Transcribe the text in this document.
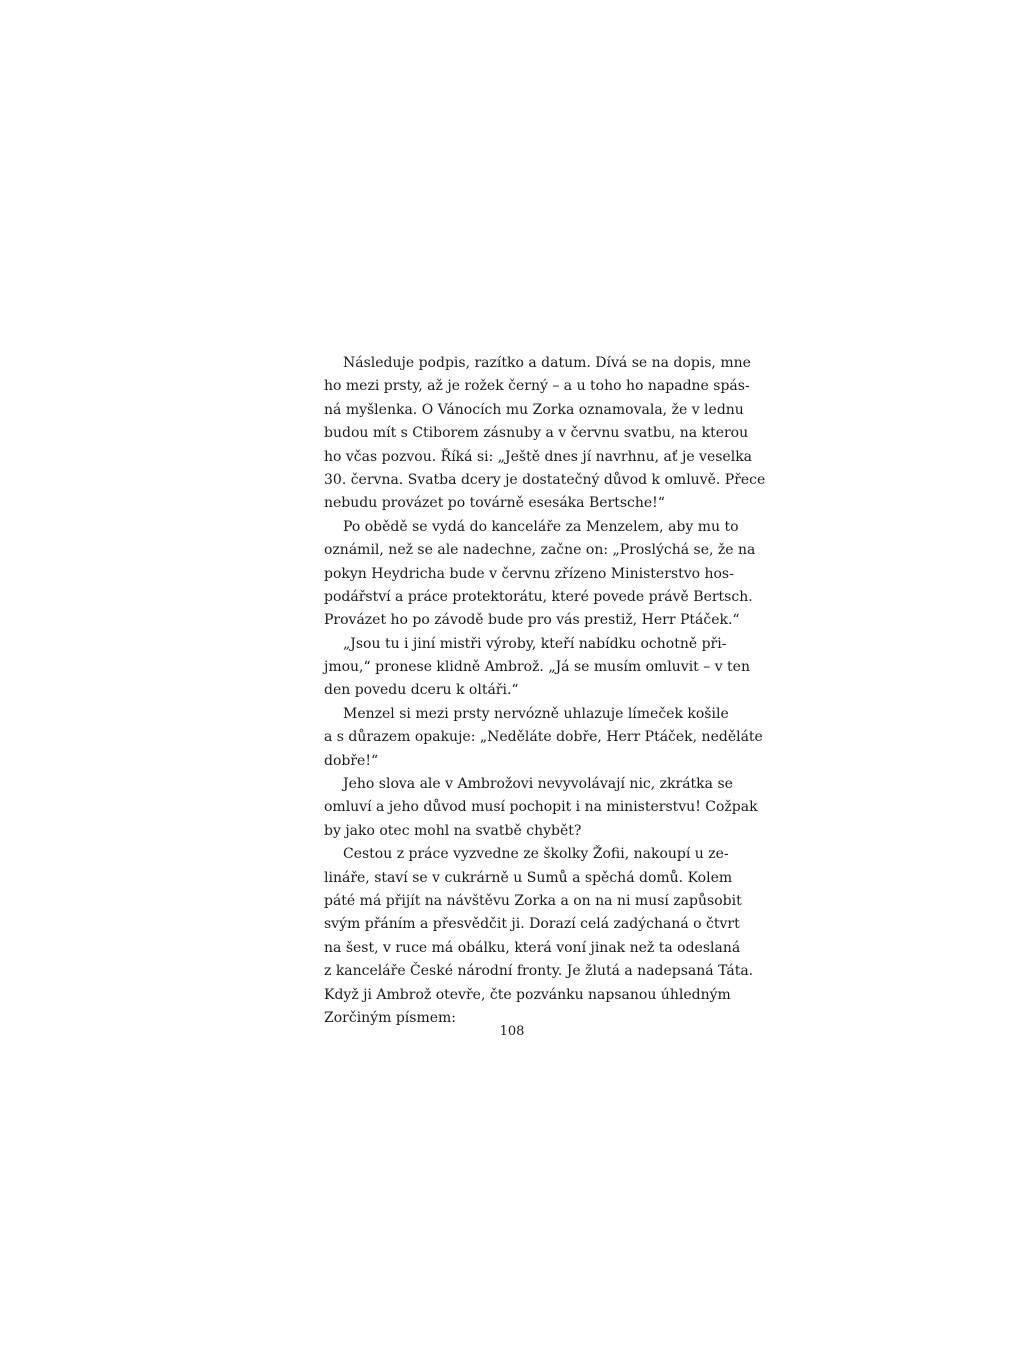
Následuje podpis, razítko a datum. Dívá se na dopis, mne
ho mezi prsty, až je rožek černý – a u toho ho napadne spás-
ná myšlenka. O Vánocích mu Zorka oznamovala, že v lednu
budou mít s Ctiborem zásnuby a v červnu svatbu, na kterou
ho včas pozvou. Říká si: „Ještě dnes jí navrhnu, ať je veselka
30. června. Svatba dcery je dostatečný důvod k omluvě. Přece
nebudu provázet po továrně esesáka Bertsche!“
Po obědě se vydá do kanceláře za Menzelem, aby mu to
oznámil, než se ale nadechne, začne on: „Proslýchá se, že na
pokyn Heydricha bude v červnu zřízeno Ministerstvo hos-
podářství a práce protektorátu, které povede právě Bertsch.
Provázet ho po závodě bude pro vás prestiž, Herr Ptáček.“
„Jsou tu i jiní mistři výroby, kteří nabídku ochotně při-
jmou,“ pronese klidně Ambrož. „Já se musím omluvit – v ten
den povedu dceru k oltáři.“
Menzel si mezi prsty nervózně uhlazuje límeček košile
a s důrazem opakuje: „Neděláte dobře, Herr Ptáček, neděláte
dobře!“
Jeho slova ale v Ambrožovi nevyvolávají nic, zkrátka se
omluví a jeho důvod musí pochopit i na ministerstvu! Cožpak
by jako otec mohl na svatbě chybět?
Cestou z práce vyzvedne ze školky Žofii, nakoupí u ze-
lináře, staví se v cukrárně u Sumů a spěchá domů. Kolem
páté má přijít na návštěvu Zorka a on na ni musí zapůsobit
svým přáním a přesvědčit ji. Dorazí celá zadýchaná o čtvrt
na šest, v ruce má obálku, která voní jinak než ta odeslaná
z kanceláře České národní fronty. Je žlutá a nadepsaná Táta.
Když ji Ambrož otevře, čte pozvánku napsanou úhledným
Zorčiným písmem:
108
